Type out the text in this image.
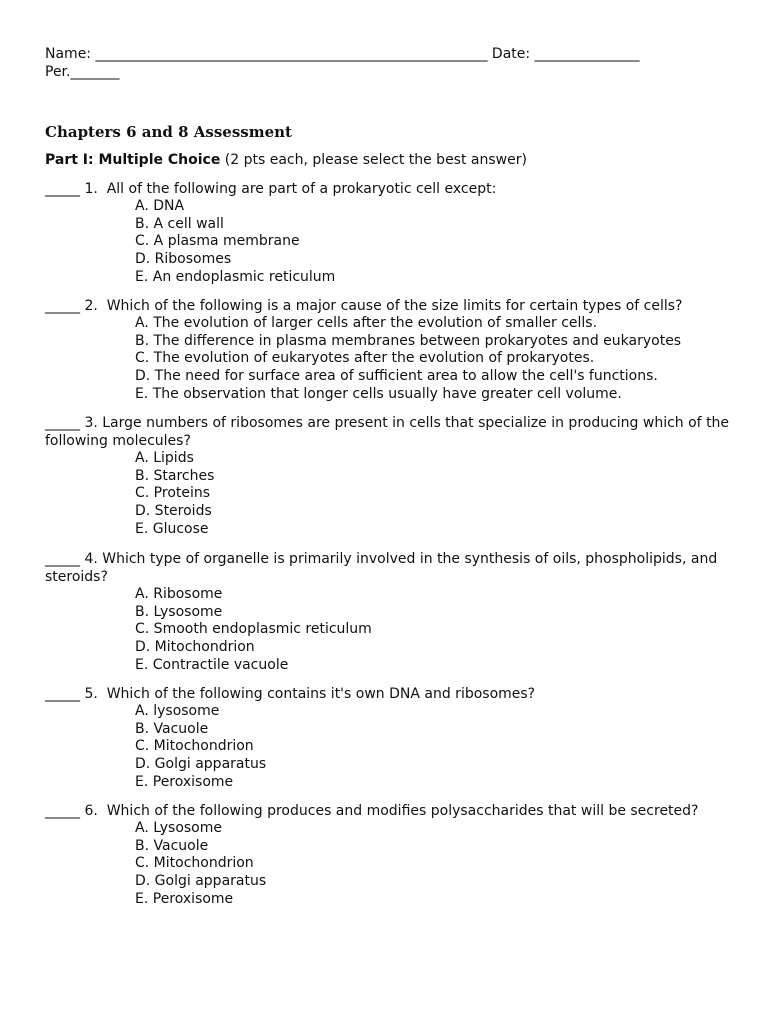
Name: ________________________________________________________ Date: _______________
Per._______
Chapters 6 and 8 Assessment
Part I: Multiple Choice (2 pts each, please select the best answer)
_____ 1.  All of the following are part of a prokaryotic cell except:
A. DNA
B. A cell wall
C. A plasma membrane
D. Ribosomes
E. An endoplasmic reticulum
_____ 2.  Which of the following is a major cause of the size limits for certain types of cells?
A. The evolution of larger cells after the evolution of smaller cells.
B. The difference in plasma membranes between prokaryotes and eukaryotes
C. The evolution of eukaryotes after the evolution of prokaryotes.
D. The need for surface area of sufficient area to allow the cell's functions.
E. The observation that longer cells usually have greater cell volume.
_____ 3. Large numbers of ribosomes are present in cells that specialize in producing which of the following molecules?
A. Lipids
B. Starches
C. Proteins
D. Steroids
E. Glucose
_____ 4. Which type of organelle is primarily involved in the synthesis of oils, phospholipids, and steroids?
A. Ribosome
B. Lysosome
C. Smooth endoplasmic reticulum
D. Mitochondrion
E. Contractile vacuole
_____ 5.  Which of the following contains it's own DNA and ribosomes?
A. lysosome
B. Vacuole
C. Mitochondrion
D. Golgi apparatus
E. Peroxisome
_____ 6.  Which of the following produces and modifies polysaccharides that will be secreted?
A. Lysosome
B. Vacuole
C. Mitochondrion
D. Golgi apparatus
E. Peroxisome
